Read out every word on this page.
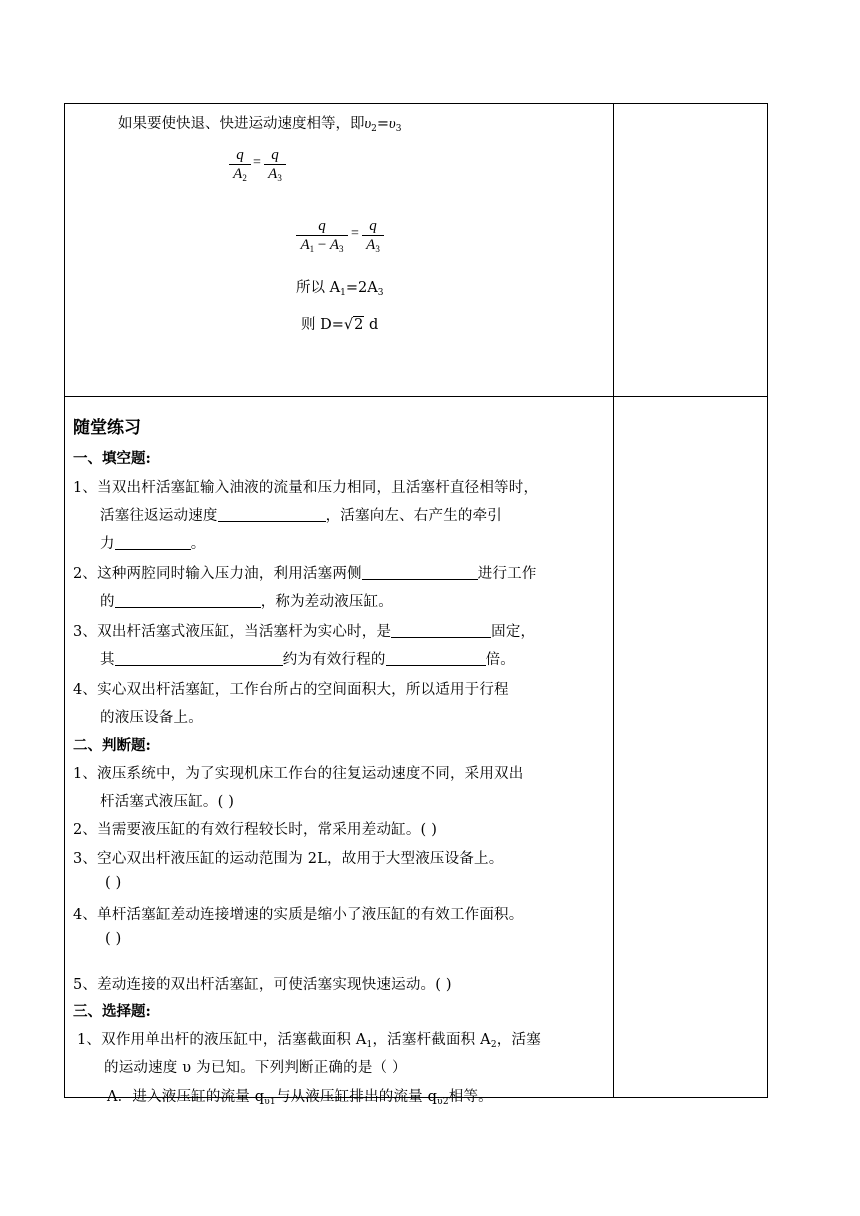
如果要使快退、快进运动速度相等，即$\upsilon_2=\upsilon_3$
q
$A_2$
= q
$A_3$
q
$A_1 - A_3$
= q
$A_3$
所以 $A_1=2A_3$
则 D=√2 d
随堂练习
一、填空题:
1、当双出杆活塞缸输入油液的流量和压力相同，且活塞杆直径相等时，
活塞往返运动速度	，活塞向左、右产生的牵引
力	。
2、这种两腔同时输入压力油，利用活塞两侧	进行工作
的	，称为差动液压缸。
3、双出杆活塞式液压缸，当活塞杆为实心时，是	固定，
其	约为有效行程的	倍。
4、实心双出杆活塞缸，工作台所占的空间面积大，所以适用于行程
的液压设备上。
二、判断题:
1、液压系统中，为了实现机床工作台的往复运动速度不同，采用双出
杆活塞式液压缸。( )
2、当需要液压缸的有效行程较长时，常采用差动缸。( )
3、空心双出杆液压缸的运动范围为 2L，故用于大型液压设备上。
( )
4、单杆活塞缸差动连接增速的实质是缩小了液压缸的有效工作面积。
( )
5、差动连接的双出杆活塞缸，可使活塞实现快速运动。( )
三、选择题:
1、双作用单出杆的液压缸中，活塞截面积 $A_1$，活塞杆截面积 $A_2$，活塞
的运动速度 υ 为已知。下列判断正确的是（ ）
A．进入液压缸的流量 $q_{\upsilon 1}$与从液压缸排出的流量 $q_{\upsilon 2}$相等。
